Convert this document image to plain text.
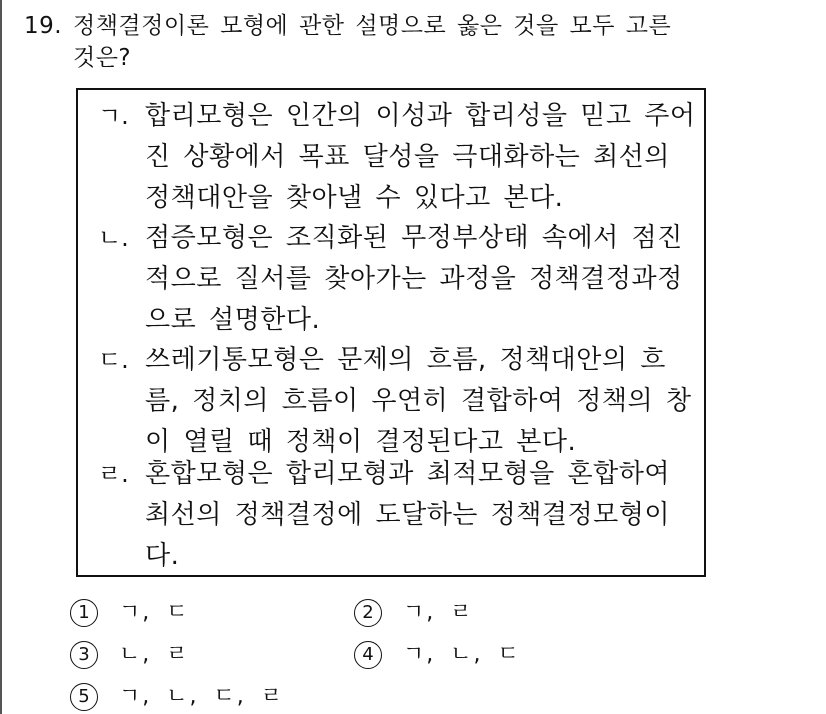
19. 정책결정이론 모형에 관한 설명으로 옳은 것을 모두 고른
것은?
ㄱ. 합리모형은 인간의 이성과 합리성을 믿고 주어
진 상황에서 목표 달성을 극대화하는 최선의
정책대안을 찾아낼 수 있다고 본다.
ㄴ. 점증모형은 조직화된 무정부상태 속에서 점진
적으로 질서를 찾아가는 과정을 정책결정과정
으로 설명한다.
ㄷ. 쓰레기통모형은 문제의 흐름, 정책대안의 흐
름, 정치의 흐름이 우연히 결합하여 정책의 창
이 열릴 때 정책이 결정된다고 본다.
ㄹ. 혼합모형은 합리모형과 최적모형을 혼합하여
최선의 정책결정에 도달하는 정책결정모형이
다.
1 ㄱ, ㄷ	2 ㄱ, ㄹ
3 ㄴ, ㄹ	4 ㄱ, ㄴ, ㄷ
5 ㄱ, ㄴ, ㄷ, ㄹ
